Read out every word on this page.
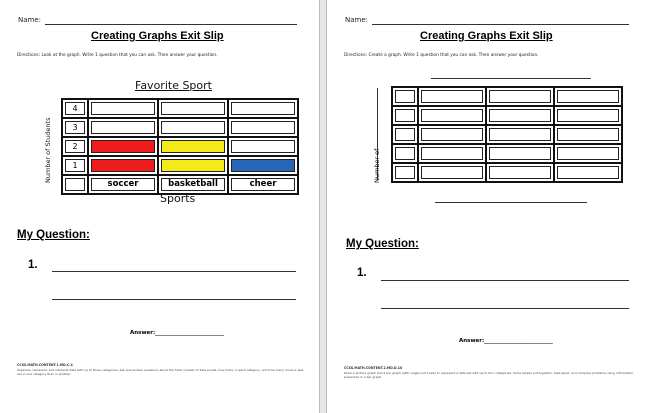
Name:
Creating Graphs Exit Slip
Directions: Look at the graph. Write 1 question that you can ask. Then answer your question.
Favorite Sport
Number of Students
4			

3			

2			

1			

	soccer	basketball	cheer
Sports
My Question:
1.
Answer:_________________________
CCSS.MATH.CONTENT.1.MD.C.4
Organize, represent, and interpret data with up to three categories; ask and answer questions about the total number of data points, how many in each category, and how many more or less are in one category than in another.
Name:
Creating Graphs Exit Slip
Directions: Create a graph. Write 1 question that you can ask. Then answer your question.
Number of

My Question:
1.
Answer:_________________________
CCSS.MATH.CONTENT.2.MD.D.10
Draw a picture graph and a bar graph (with single-unit scale) to represent a data set with up to four categories. Solve simple put-together, take-apart, and compare problems using information presented in a bar graph.
